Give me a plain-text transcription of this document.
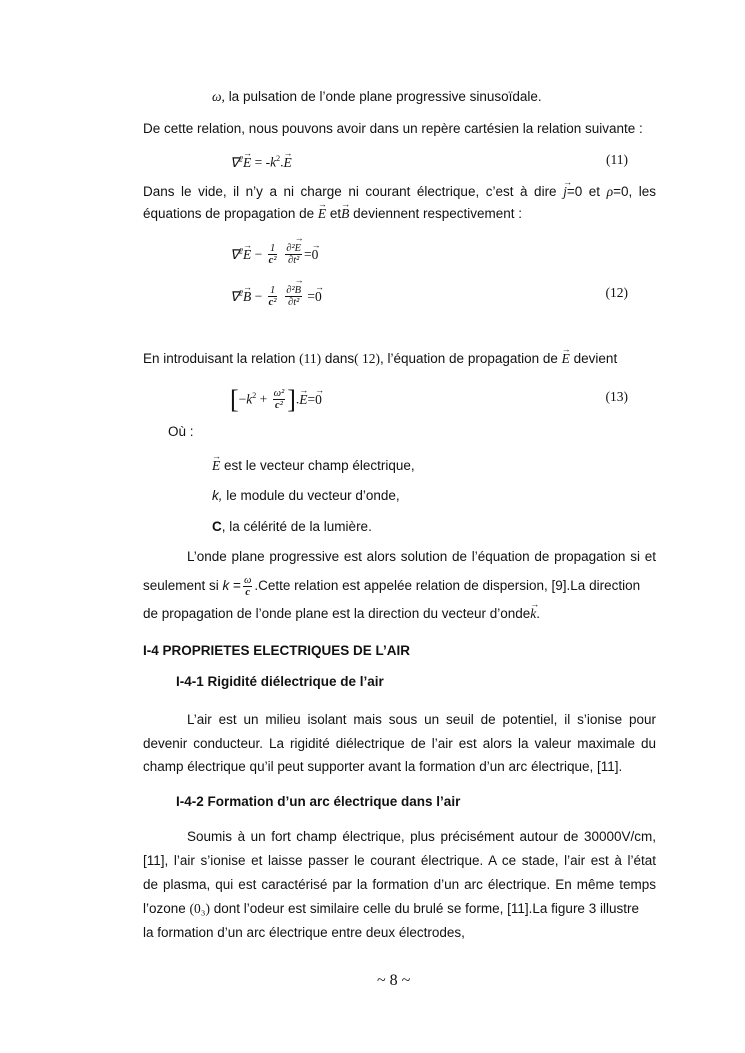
ω, la pulsation de l’onde plane progressive sinusoïdale.
De cette relation, nous pouvons avoir dans un repère cartésien la relation suivante :
$\nabla^2\to E = -k^2.\to E$	(11)
Dans le vide, il n’y a ni charge ni courant électrique, c’est à dire → j=0 et ρ=0, les
équations de propagation de → E et→ B deviennent respectivement :
$\nabla^2\to E - \frac{1}{\text{c²}}$
$\frac{\text{∂²→ E}}{\text{∂t²}} =\to 0$
$\nabla^2\to B - \frac{1}{\text{c²}}$
$\frac{\text{∂²→ B}}{\text{∂t²}} =\to 0$	(12)
En introduisant la relation (11) dans( 12), l’équation de propagation de → E devient
[$-k^2 + \frac{\text{ω²}}{\text{c²}}$ ].→ E=→ 0	(13)
Où :
→ E est le vecteur champ électrique,
k, le module du vecteur d’onde,
C, la célérité de la lumière.
L’onde plane progressive est alors solution de l’équation de propagation si et
seulement si $k = \frac{\omega}{c}$ .Cette relation est appelée relation de dispersion, [9].La direction
de propagation de l’onde plane est la direction du vecteur d’onde→ k.
I-4 PROPRIETES ELECTRIQUES DE L’AIR
I-4-1 Rigidité diélectrique de l’air
L’air est un milieu isolant mais sous un seuil de potentiel, il s’ionise pour
devenir conducteur. La rigidité diélectrique de l’air est alors la valeur maximale du
champ électrique qu’il peut supporter avant la formation d’un arc électrique, [11].
I-4-2 Formation d’un arc électrique dans l’air
Soumis à un fort champ électrique, plus précisément autour de 30000V/cm,
[11], l’air s’ionise et laisse passer le courant électrique. A ce stade, l’air est à l’état
de plasma, qui est caractérisé par la formation d’un arc électrique. En même temps
l’ozone (0₃) dont l’odeur est similaire celle du brulé se forme, [11].La figure 3 illustre
la formation d’un arc électrique entre deux électrodes,
~ 8 ~
